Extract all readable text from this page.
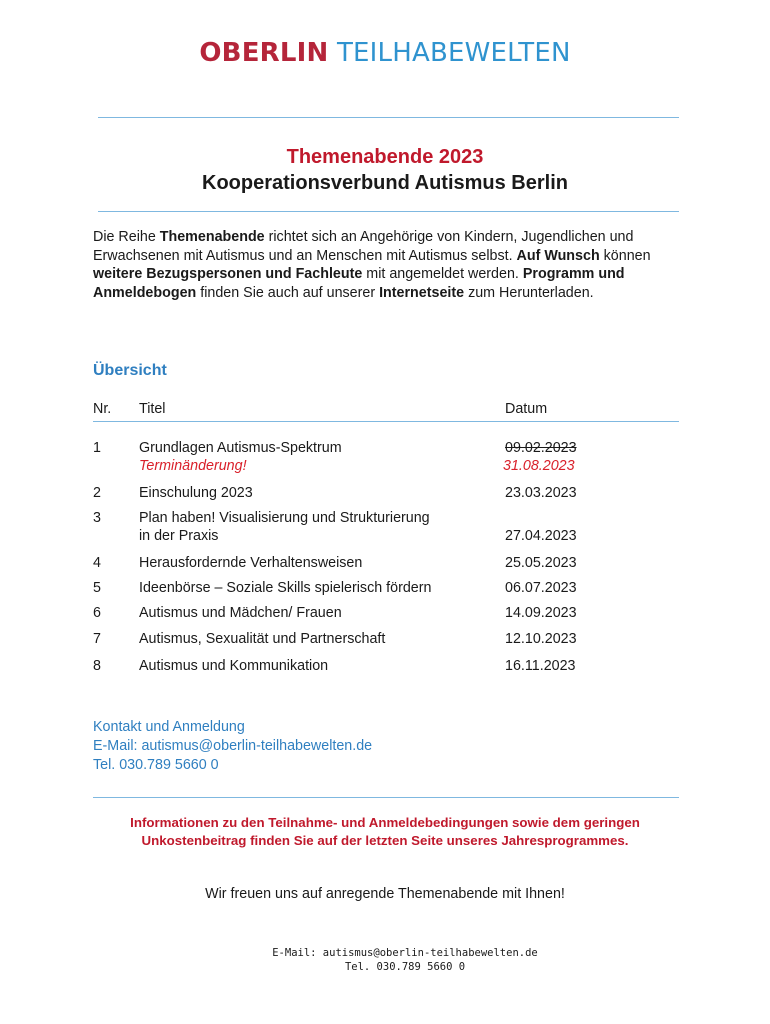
OBERLIN TEILHABEWELTEN
Themenabende 2023
Kooperationsverbund Autismus Berlin
Die Reihe Themenabende richtet sich an Angehörige von Kindern, Jugendlichen und Erwachsenen mit Autismus und an Menschen mit Autismus selbst. Auf Wunsch können weitere Bezugspersonen und Fachleute mit angemeldet werden. Programm und Anmeldebogen finden Sie auch auf unserer Internetseite zum Herunterladen.
Übersicht
Nr. Titel	Datum
1	Grundlagen Autismus-Spektrum	09.02.2023
Terminänderung!	31.08.2023
2	Einschulung 2023	23.03.2023
3	Plan haben! Visualisierung und Strukturierung
in der Praxis	27.04.2023
4	Herausfordernde Verhaltensweisen	25.05.2023
5	Ideenbörse – Soziale Skills spielerisch fördern	06.07.2023
6	Autismus und Mädchen/ Frauen	14.09.2023
7	Autismus, Sexualität und Partnerschaft	12.10.2023
8	Autismus und Kommunikation	16.11.2023
Kontakt und Anmeldung
E-Mail: autismus@oberlin-teilhabewelten.de
Tel. 030.789 5660 0
Informationen zu den Teilnahme- und Anmeldebedingungen sowie dem geringen Unkostenbeitrag finden Sie auf der letzten Seite unseres Jahresprogrammes.
Wir freuen uns auf anregende Themenabende mit Ihnen!
E-Mail: autismus@oberlin-teilhabewelten.de
Tel. 030.789 5660 0
